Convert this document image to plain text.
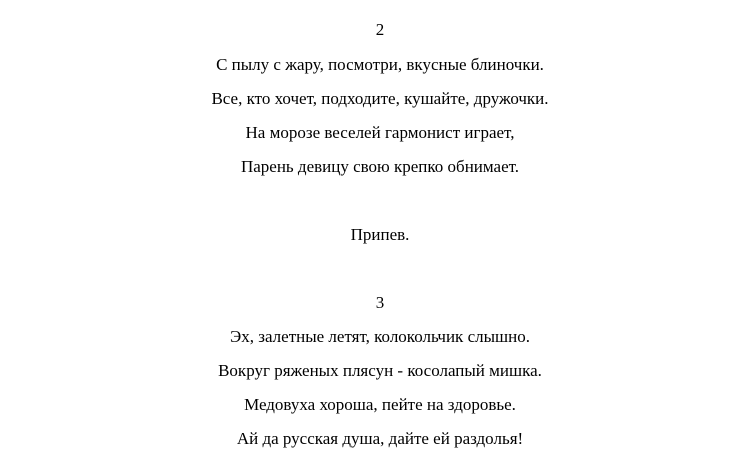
2
С пылу с жару, посмотри, вкусные блиночки.
Все, кто хочет, подходите, кушайте, дружочки.
На морозе веселей гармонист играет,
Парень девицу свою крепко обнимает.
Припев.
3
Эх, залетные летят, колокольчик слышно.
Вокруг ряженых плясун - косолапый мишка.
Медовуха хороша, пейте на здоровье.
Ай да русская душа, дайте ей раздолья!
